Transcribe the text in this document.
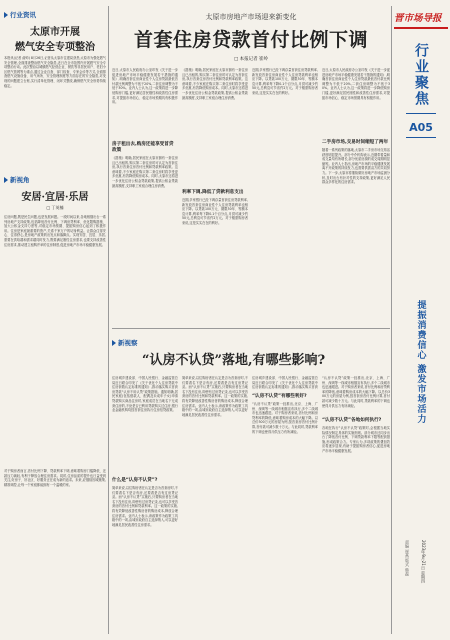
行业资讯
太原市开展
燃气安全专项整治
本报讯(记者 俞帅) 8月26日,记者从太原市住建局获悉,太原市为强化燃气安全管理,全面排查整治燃气安全隐患,近日在全市范围内开展燃气安全专项整治行动。此次整治以城镇燃气经营企业、餐饮等非居民用户、老旧小区燃气管网等为重点,通过企业自查、部门检查、专家会诊等方式,全面排查燃气设施设备、用气场所、安全管理制度等方面存在的安全隐患,对发现的问题建立台账,实行清单化管理、闭环式整改,确保燃气安全形势持续稳定。
新视角
安居·宜居·乐居
□ 丁英楠
住房问题,既是民生问题,也是发展问题。一段时间以来,各地相继出台一系列房地产支持政策,包括降低首付比例、下调房贷利率、优化限购措施、加大公积金支持力度等,对稳定市场预期、提振购房信心起到了积极作用。住房是家庭最重要的资产,关系千家万户的切身利益。让群众住得安心、住得舒心,是房地产政策的出发点和落脚点。实现安居、宜居、乐居,需要在供给端和需求端同时发力,既要满足刚性住房需求,也要支持改善性住房需求,推动建立租购并举的住房制度,促进房地产市场平稳健康发展。
对于购房者而言,首付比例下降、贷款利率下调,意味着购房门槛降低、还款压力减轻,有利于释放合理住房需求。同时,住房品质的提升也日益受到关注,好房子、好社区、好服务正在成为新的追求。未来,应继续因城施策,精准调控,让每一个家庭都能拥有一个温暖的家。
太原市房地产市场迎来新变化
首套住房贷款首付比例下调
□ 本报记者 崔岭
近日,太原市人民政府办公室印发《关于进一步促进房地产市场平稳健康发展若干措施的通知》,明确首套住房商业性个人住房贷款最低首付款比例调整为不低于20%,二套住房调整为不低于30%。业内人士认为,这一政策将进一步降低购房门槛,更好满足居民刚性和改善性住房需求,对提振市场信心、稳定市场预期具有积极作用。
房子租出去,购房还能享受首贷政策
《措施》明确,居民家庭在太原市拥有一套住房且已出租的,购买第二套住房时可认定为首套住房,执行首套住房首付比例和贷款利率政策。这意味着,不少家庭在购买第二套住房时将享受更多优惠,有效降低购房成本。同时,太原市还将进一步优化住房公积金贷款政策,提高公积金贷款最高额度,支持职工家庭合理住房消费。
《措施》明确,居民家庭在太原市拥有一套住房且已出租的,购买第二套住房时可认定为首套住房,执行首套住房首付比例和贷款利率政策。这意味着,不少家庭在购买第二套住房时将享受更多优惠,有效降低购房成本。同时,太原市还将进一步优化住房公积金贷款政策,提高公积金贷款最高额度,支持职工家庭合理住房消费。
利率下调,降低了贷款利息支出
近期,多家银行已经下调存量首套住房贷款利率,新发放首套住房商业性个人住房贷款利率也相应下降。以贷款100万元、期限30年、等额本息计算,利率每下降0.1个百分点,月供可减少约50元,总利息可节省约2万元。对于刚需购房者来说,这是实实在在的利好。
近期,多家银行已经下调存量首套住房贷款利率,新发放首套住房商业性个人住房贷款利率也相应下降。以贷款100万元、期限30年、等额本息计算,利率每下降0.1个百分点,月供可减少约50元,总利息可节省约2万元。对于刚需购房者来说,这是实实在在的利好。
近日,太原市人民政府办公室印发《关于进一步促进房地产市场平稳健康发展若干措施的通知》,明确首套住房商业性个人住房贷款最低首付款比例调整为不低于20%,二套住房调整为不低于30%。业内人士认为,这一政策将进一步降低购房门槛,更好满足居民刚性和改善性住房需求,对提振市场信心、稳定市场预期具有积极作用。
二手房市场,交易时间缩短了两年
随着一系列政策的落地,太原市二手房市场交易活跃度明显提升。部分中介机构表示,近期带看量和成交量均有所增长,部分优质房源的成交周期明显缩短。业内人士指出,房地产市场的平稳健康发展离不开政策的持续发力,也需要供需双方的共同努力。下一步,太原市将继续做好房地产市场监测分析,及时出台有针对性的支持政策,更好满足人民群众多样化的住房需求。
晋市场导报
行业聚焦
A05
新视察
“认房不认贷”落地,有哪些影响?
住房城乡建设部、中国人民银行、金融监管总局近日联合印发了《关于优化个人住房贷款中住房套数认定标准的通知》,推动落实购买首套房贷款“认房不用认贷”政策措施。通知明确,居民家庭(包括借款人、配偶及未成年子女)申请贷款购买商品住房时,家庭成员在当地名下无成套住房的,不论是否已利用贷款购买过住房,银行业金融机构均按首套住房执行住房信贷政策。
什么是“认房不认贷”?
简单来说,以往购房者在认定是否为首套房时,不仅要看名下是否有房,还要看是否有过房贷记录。而“认房不认贷”实施后,只要购房者在当地名下没有住房,即使有过房贷记录,也可以享受首套房的首付比例和贷款利率。这一政策的实施,将有效降低改善性购房者的购房成本,释放合理住房需求。业内人士表示,该政策作为政策工具箱中的一项,由城市政府自主选择纳入,可以更好地满足居民改善性住房需求。
简单来说,以往购房者在认定是否为首套房时,不仅要看名下是否有房,还要看是否有过房贷记录。而“认房不认贷”实施后,只要购房者在当地名下没有住房,即使有过房贷记录,也可以享受首套房的首付比例和贷款利率。这一政策的实施,将有效降低改善性购房者的购房成本,释放合理住房需求。业内人士表示,该政策作为政策工具箱中的一项,由城市政府自主选择纳入,可以更好地满足居民改善性住房需求。
住房城乡建设部、中国人民银行、金融监管总局近日联合印发了《关于优化个人住房贷款中住房套数认定标准的通知》,推动落实购买首套
“认房不认贷”有哪些利好?
“认房不认贷”政策一经推出,北京、上海、广州、深圳等一线城市相继宣布执行,多个二线城市也迅速跟进。对于购房者来说,首付比例和房贷利率的降低,意味着购房成本的大幅下降。以总价300万元的房屋为例,按首套房首付比例计算,首付款可减少数十万元。与此同时,贷款利率的下调也使得月供压力有所减轻。
“认房不认贷”政策一经推出,北京、上海、广州、深圳等一线城市相继宣布执行,多个二线城市也迅速跟进。对于购房者来说,首付比例和房贷利率的降低,意味着购房成本的大幅下降。以总价300万元的房屋为例,按首套房首付比例计算,首付款可减少数十万元。与此同时,贷款利率的下调也使得月供压力有所减轻。
“认房不认贷”各地如何执行?
各地在执行“认房不认贷”政策时,会根据当地实际情况制定具体的实施细则。部分城市还同步出台了降低首付比例、下调贷款利率下限等配套措施,形成政策合力。专家认为,多项政策的叠加效应将逐步显现,有助于提振购房者信心,促进房地产市场平稳健康发展。
提振消费信心 激发市场活力
2023年9月21日 星期四
责编 崔燕 版式 韩磊
